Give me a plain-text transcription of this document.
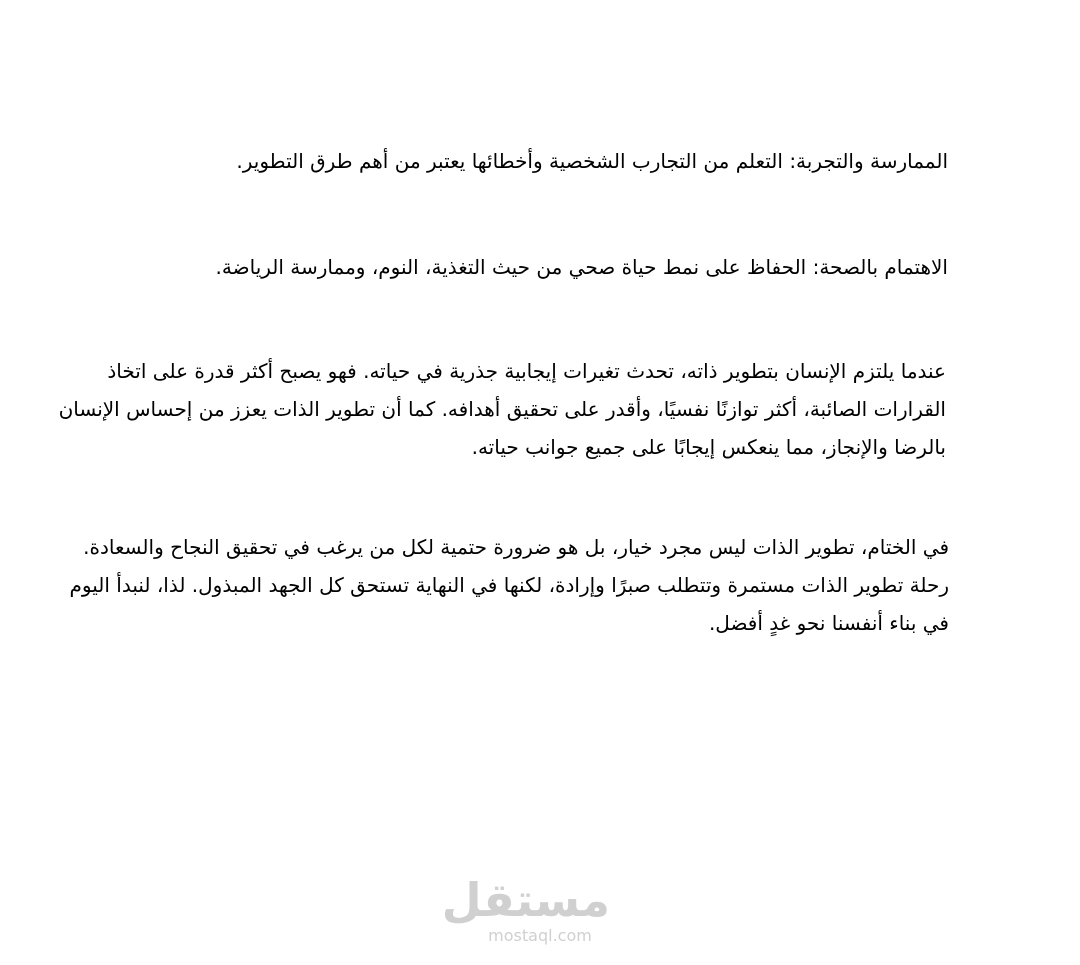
الممارسة والتجربة: التعلم من التجارب الشخصية وأخطائها يعتبر من أهم طرق التطوير.

الاهتمام بالصحة: الحفاظ على نمط حياة صحي من حيث التغذية، النوم، وممارسة الرياضة.

عندما يلتزم الإنسان بتطوير ذاته، تحدث تغيرات إيجابية جذرية في حياته. فهو يصبح أكثر قدرة على اتخاذ
القرارات الصائبة، أكثر توازنًا نفسيًا، وأقدر على تحقيق أهدافه. كما أن تطوير الذات يعزز من إحساس الإنسان
بالرضا والإنجاز، مما ينعكس إيجابًا على جميع جوانب حياته.

في الختام، تطوير الذات ليس مجرد خيار، بل هو ضرورة حتمية لكل من يرغب في تحقيق النجاح والسعادة.
رحلة تطوير الذات مستمرة وتتطلب صبرًا وإرادة، لكنها في النهاية تستحق كل الجهد المبذول. لذا، لنبدأ اليوم
في بناء أنفسنا نحو غدٍ أفضل.

مستقل
mostaql.com
